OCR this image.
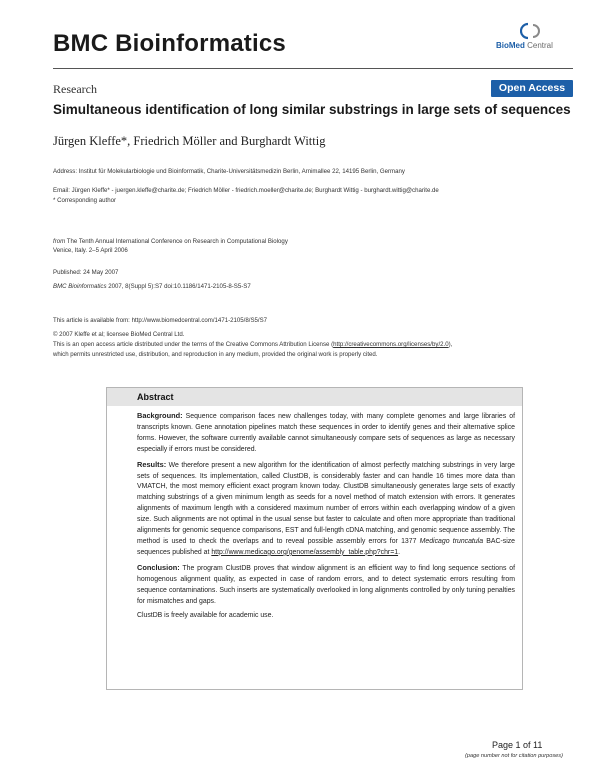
BMC Bioinformatics	BioMed Central
Research	Open Access
Simultaneous identification of long similar substrings in large sets of sequences
Jürgen Kleffe*, Friedrich Möller and Burghardt Wittig
Address: Institut für Molekularbiologie und Bioinformatik, Charite-Universitätsmedizin Berlin, Arnimallee 22, 14195 Berlin, Germany
Email: Jürgen Kleffe* - juergen.kleffe@charite.de; Friedrich Möller - friedrich.moeller@charite.de; Burghardt Wittig - burghardt.wittig@charite.de
* Corresponding author
from The Tenth Annual International Conference on Research in Computational Biology
Venice, Italy. 2–5 April 2006
Published: 24 May 2007
BMC Bioinformatics 2007, 8(Suppl 5):S7 doi:10.1186/1471-2105-8-S5-S7
This article is available from: http://www.biomedcentral.com/1471-2105/8/S5/S7
© 2007 Kleffe et al; licensee BioMed Central Ltd.
This is an open access article distributed under the terms of the Creative Commons Attribution License (http://creativecommons.org/licenses/by/2.0),
which permits unrestricted use, distribution, and reproduction in any medium, provided the original work is properly cited.
Abstract

Background: Sequence comparison faces new challenges today, with many complete genomes and large libraries of transcripts known. Gene annotation pipelines match these sequences in order to identify genes and their alternative splice forms. However, the software currently available cannot simultaneously compare sets of sequences as large as necessary especially if errors must be considered.

Results: We therefore present a new algorithm for the identification of almost perfectly matching substrings in very large sets of sequences. Its implementation, called ClustDB, is considerably faster and can handle 16 times more data than VMATCH, the most memory efficient exact program known today. ClustDB simultaneously generates large sets of exactly matching substrings of a given minimum length as seeds for a novel method of match extension with errors. It generates alignments of maximum length with a considered maximum number of errors within each overlapping window of a given size. Such alignments are not optimal in the usual sense but faster to calculate and often more appropriate than traditional alignments for genomic sequence comparisons, EST and full-length cDNA matching, and genomic sequence assembly. The method is used to check the overlaps and to reveal possible assembly errors for 1377 Medicago truncatula BAC-size sequences published at http://www.medicago.org/genome/assembly_table.php?chr=1.

Conclusion: The program ClustDB proves that window alignment is an efficient way to find long sequence sections of homogenous alignment quality, as expected in case of random errors, and to detect systematic errors resulting from sequence contaminations. Such inserts are systematically overlooked in long alignments controlled by only tuning penalties for mismatches and gaps.

ClustDB is freely available for academic use.

Page 1 of 11
(page number not for citation purposes)
